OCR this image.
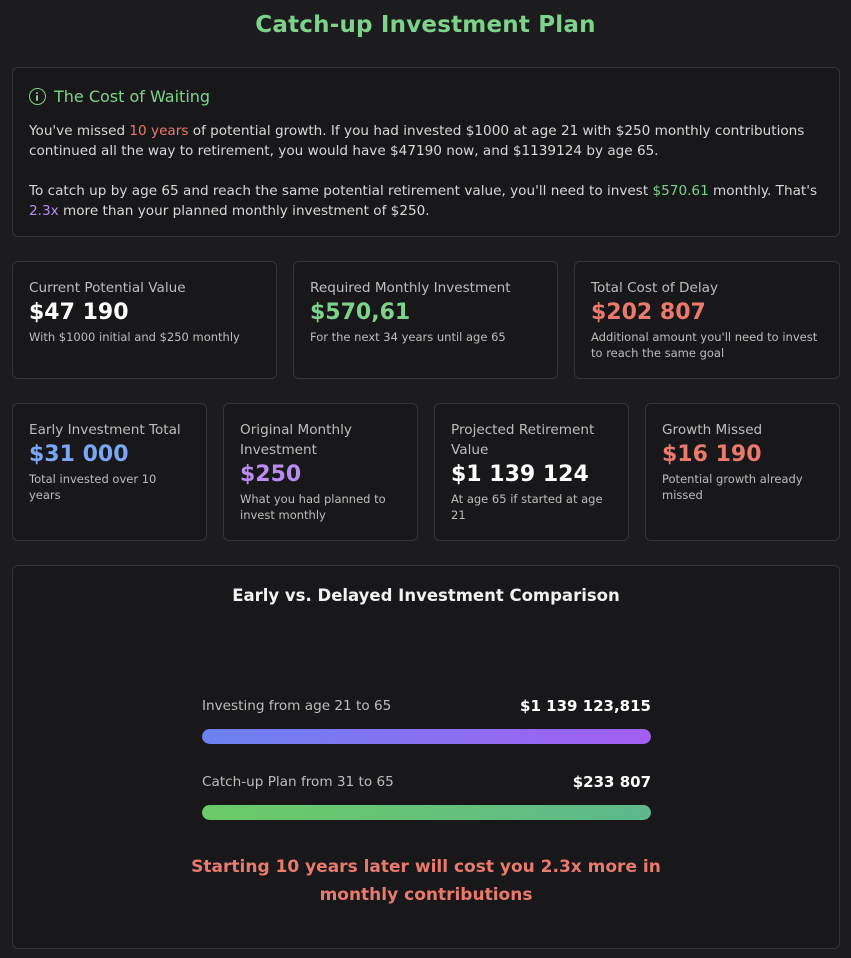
Catch-up Investment Plan
The Cost of Waiting

You've missed 10 years of potential growth. If you had invested $1000 at age 21 with $250 monthly contributions continued all the way to retirement, you would have $47190 now, and $1139124 by age 65.

To catch up by age 65 and reach the same potential retirement value, you'll need to invest $570.61 monthly. That's 2.3x more than your planned monthly investment of $250.

Current Potential Value
$47 190
With $1000 initial and $250 monthly
Required Monthly Investment
$570,61
For the next 34 years until age 65
Total Cost of Delay
$202 807
Additional amount you'll need to invest to reach the same goal
Early Investment Total
$31 000
Total invested over 10 years
Original Monthly Investment
$250
What you had planned to invest monthly
Projected Retirement Value
$1 139 124
At age 65 if started at age 21
Growth Missed
$16 190
Potential growth already missed
Early vs. Delayed Investment Comparison
Investing from age 21 to 65	$1 139 123,815
Catch-up Plan from 31 to 65	$233 807
Starting 10 years later will cost you 2.3x more in monthly contributions
